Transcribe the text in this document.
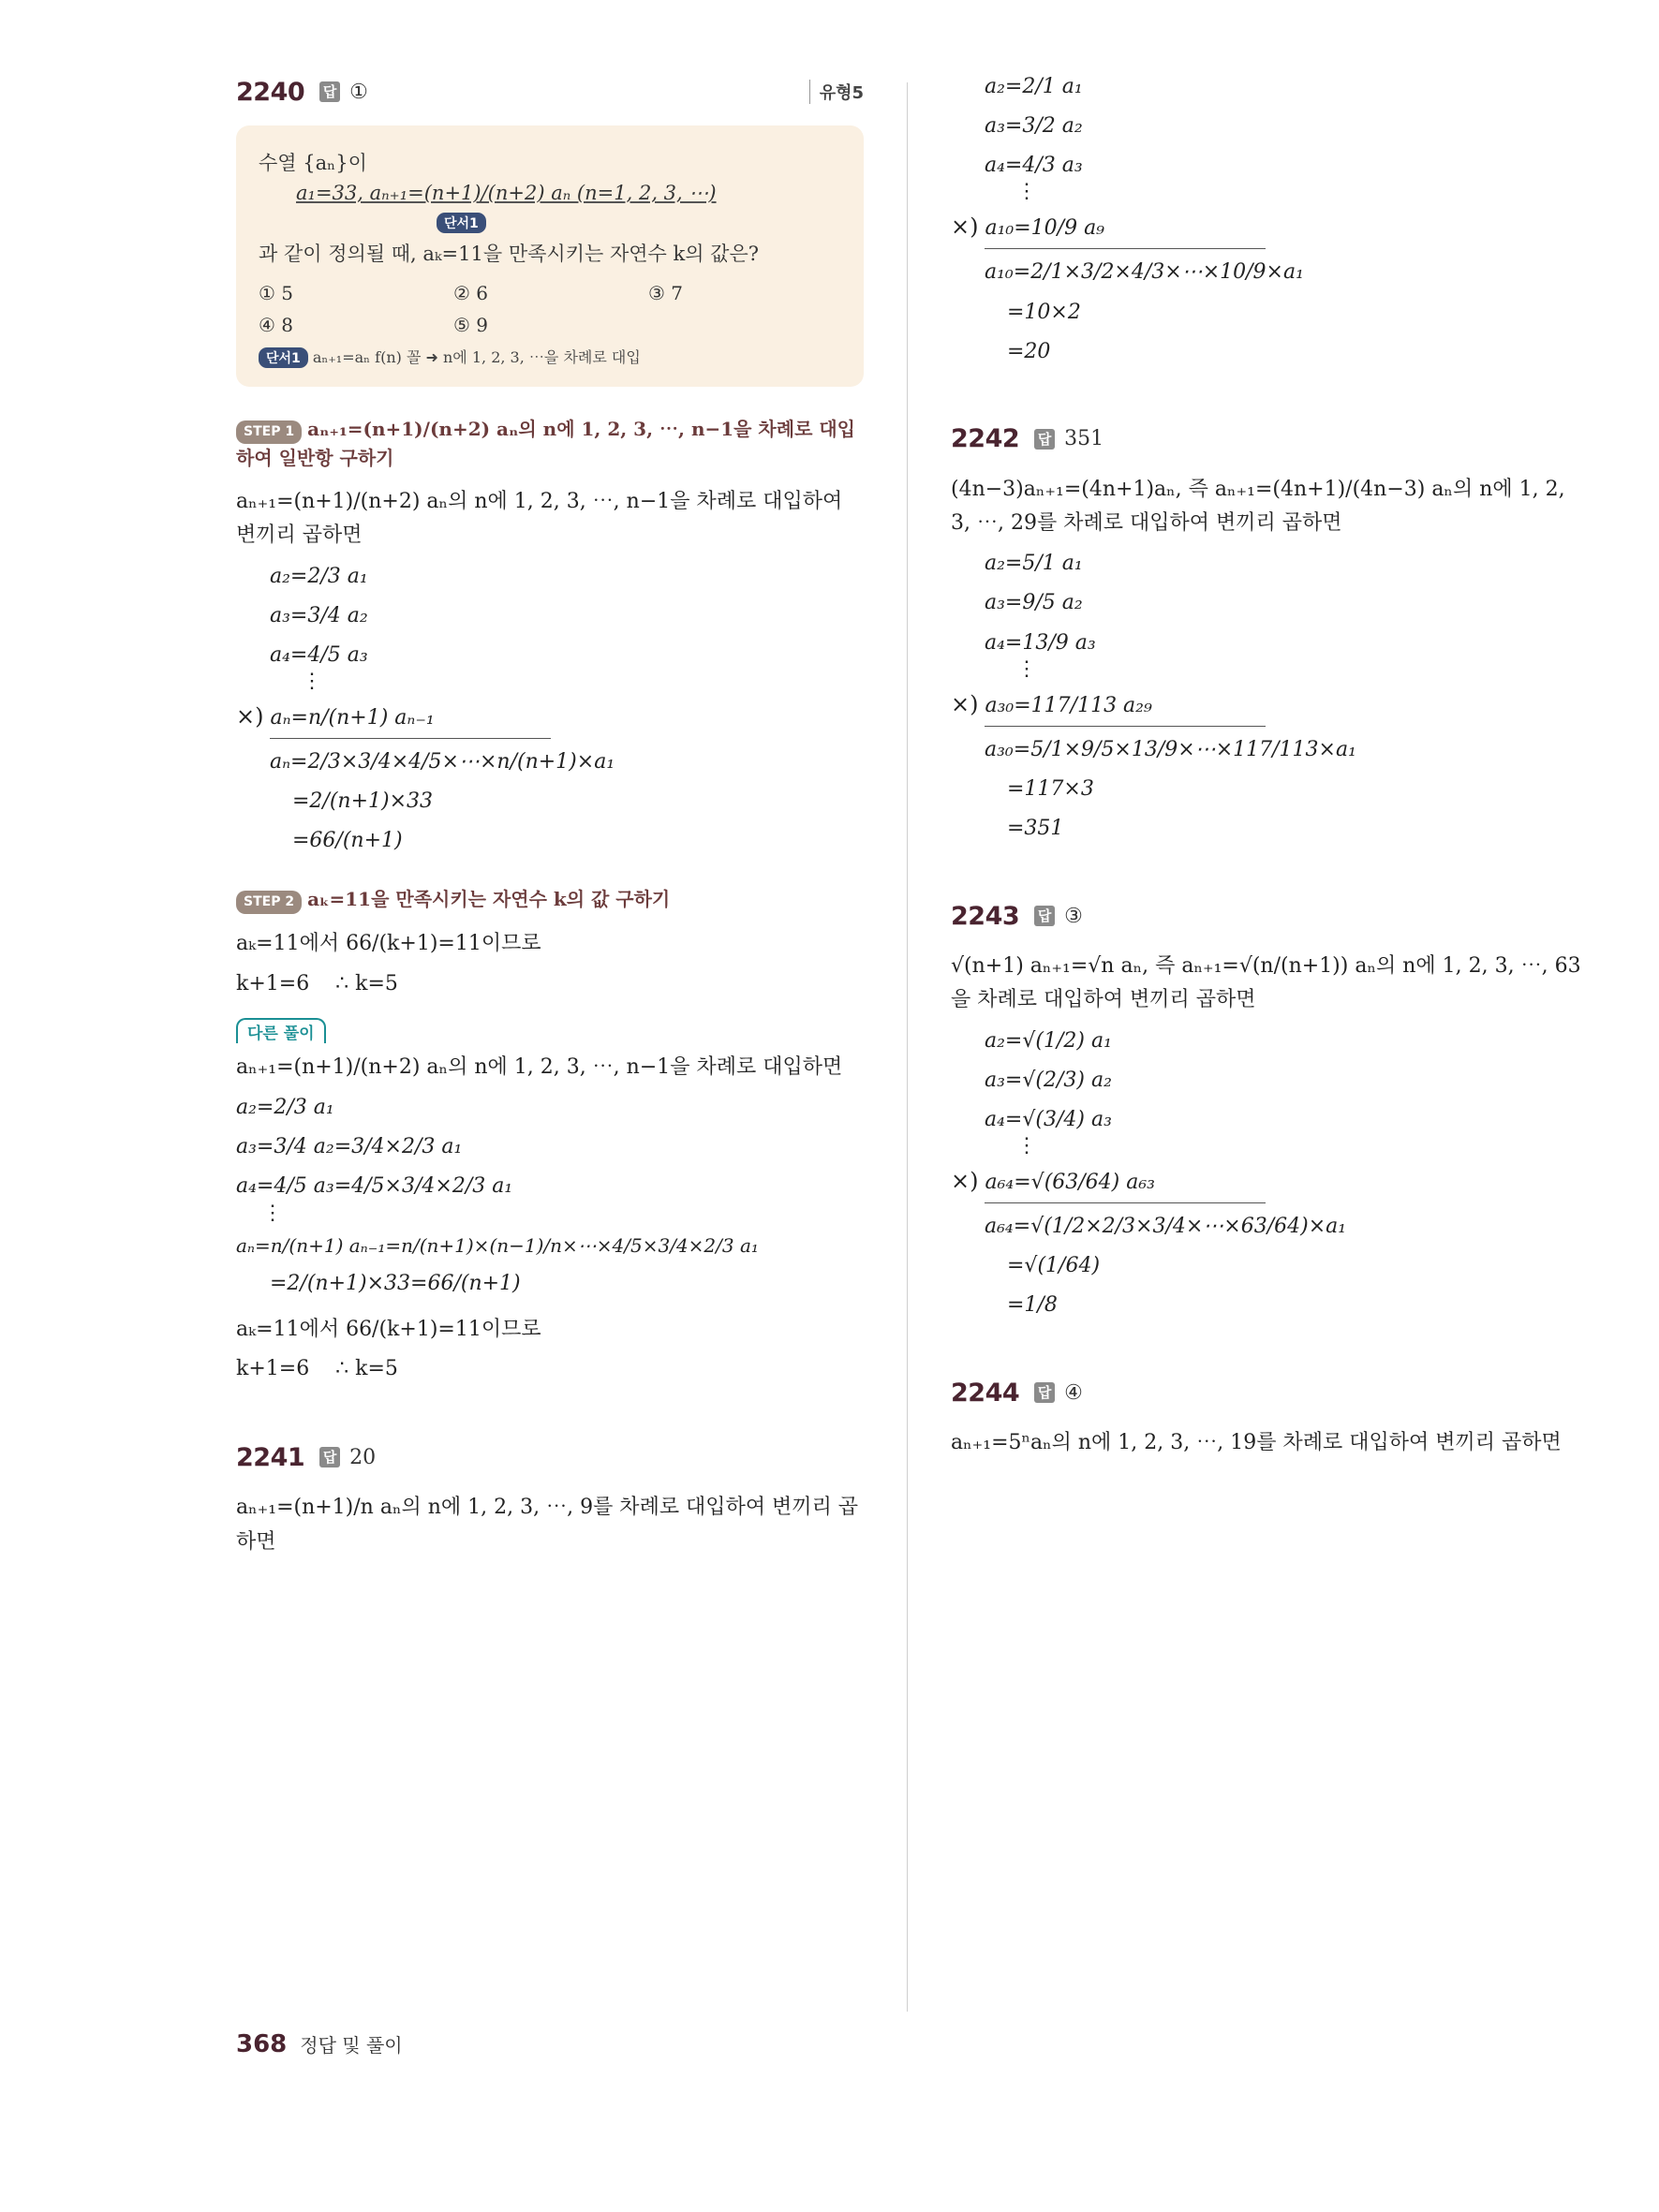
2240 답 ①	유형5
수열 {aₙ}이
a₁=33, aₙ₊₁=(n+1)/(n+2) aₙ (n=1, 2, 3, ⋯)
단서1
과 같이 정의될 때, aₖ=11을 만족시키는 자연수 k의 값은?
① 5	② 6	③ 7
④ 8	⑤ 9
단서1 aₙ₊₁=aₙ f(n) 꼴 ➜ n에 1, 2, 3, ⋯을 차례로 대입
STEP 1 aₙ₊₁=(n+1)/(n+2) aₙ의 n에 1, 2, 3, ⋯, n−1을 차례로 대입하여 일반항 구하기
aₙ₊₁=(n+1)/(n+2) aₙ의 n에 1, 2, 3, ⋯, n−1을 차례로 대입하여 변끼리 곱하면
a₂=2/3 a₁
a₃=3/4 a₂
a₄=4/5 a₃
⋮
×) aₙ=n/(n+1) aₙ₋₁
aₙ=2/3×3/4×4/5×⋯×n/(n+1)×a₁
=2/(n+1)×33
=66/(n+1)
STEP 2 aₖ=11을 만족시키는 자연수 k의 값 구하기
aₖ=11에서 66/(k+1)=11이므로
k+1=6    ∴ k=5
다른 풀이
aₙ₊₁=(n+1)/(n+2) aₙ의 n에 1, 2, 3, ⋯, n−1을 차례로 대입하면
a₂=2/3 a₁
a₃=3/4 a₂=3/4×2/3 a₁
a₄=4/5 a₃=4/5×3/4×2/3 a₁
⋮
aₙ=n/(n+1) aₙ₋₁=n/(n+1)×(n−1)/n×⋯×4/5×3/4×2/3 a₁
=2/(n+1)×33=66/(n+1)
aₖ=11에서 66/(k+1)=11이므로
k+1=6    ∴ k=5
2241 답 20
aₙ₊₁=(n+1)/n aₙ의 n에 1, 2, 3, ⋯, 9를 차례로 대입하여 변끼리 곱하면
a₂=2/1 a₁
a₃=3/2 a₂
a₄=4/3 a₃
⋮
×) a₁₀=10/9 a₉
a₁₀=2/1×3/2×4/3×⋯×10/9×a₁
=10×2
=20
2242 답 351
(4n−3)aₙ₊₁=(4n+1)aₙ, 즉 aₙ₊₁=(4n+1)/(4n−3) aₙ의 n에 1, 2, 3, ⋯, 29를 차례로 대입하여 변끼리 곱하면
a₂=5/1 a₁
a₃=9/5 a₂
a₄=13/9 a₃
⋮
×) a₃₀=117/113 a₂₉
a₃₀=5/1×9/5×13/9×⋯×117/113×a₁
=117×3
=351
2243 답 ③
√(n+1) aₙ₊₁=√n aₙ, 즉 aₙ₊₁=√(n/(n+1)) aₙ의 n에 1, 2, 3, ⋯, 63을 차례로 대입하여 변끼리 곱하면
a₂=√(1/2) a₁
a₃=√(2/3) a₂
a₄=√(3/4) a₃
⋮
×) a₆₄=√(63/64) a₆₃
a₆₄=√(1/2×2/3×3/4×⋯×63/64)×a₁
=√(1/64)
=1/8
2244 답 ④
aₙ₊₁=5ⁿaₙ의 n에 1, 2, 3, ⋯, 19를 차례로 대입하여 변끼리 곱하면
368 정답 및 풀이
